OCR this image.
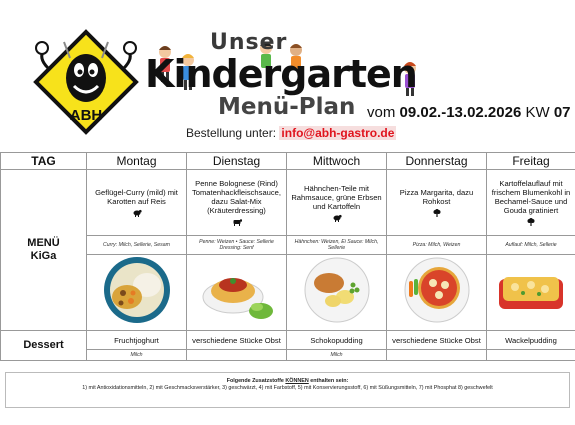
ABH
Unser
Kindergarten
Menü-Plan vom 09.02.-13.02.2026 KW 07
Bestellung unter: info@abh-gastro.de
TAG	Montag	Dienstag	Mittwoch	Donnerstag	Freitag

MENÜ
KiGa	Geflügel-Curry (mild) mit Karotten auf Reis	Penne Bolognese (Rind) Tomatenhackfleischsauce, dazu Salat-Mix (Kräuterdressing)	Hähnchen-Teile mit Rahmsauce, grüne Erbsen und Kartoffeln	Pizza Margarita, dazu Rohkost	Kartoffelauflauf mit frischem Blumenkohl in Bechamel-Sauce und Gouda gratiniert

	Curry: Milch, Sellerie, Sesam	Penne: Weizen • Sauce: Sellerie Dressing: Senf	Hähnchen: Weizen, Ei Sauce: Milch, Sellerie	Pizza: Milch, Weizen	Auflauf: Milch, Sellerie

Dessert	Fruchtjoghurt	verschiedene Stücke Obst	Schokopudding	verschiedene Stücke Obst	Wackelpudding
	Milch		Milch		
Folgende Zusatzstoffe KÖNNEN enthalten sein:
1) mit Antioxidationsmitteln, 2) mit Geschmacksverstärker, 3) geschwärzt, 4) mit Farbstoff, 5) mit Konservierungsstoff, 6) mit Süßungsmitteln, 7) mit Phosphat 8) geschwefelt
